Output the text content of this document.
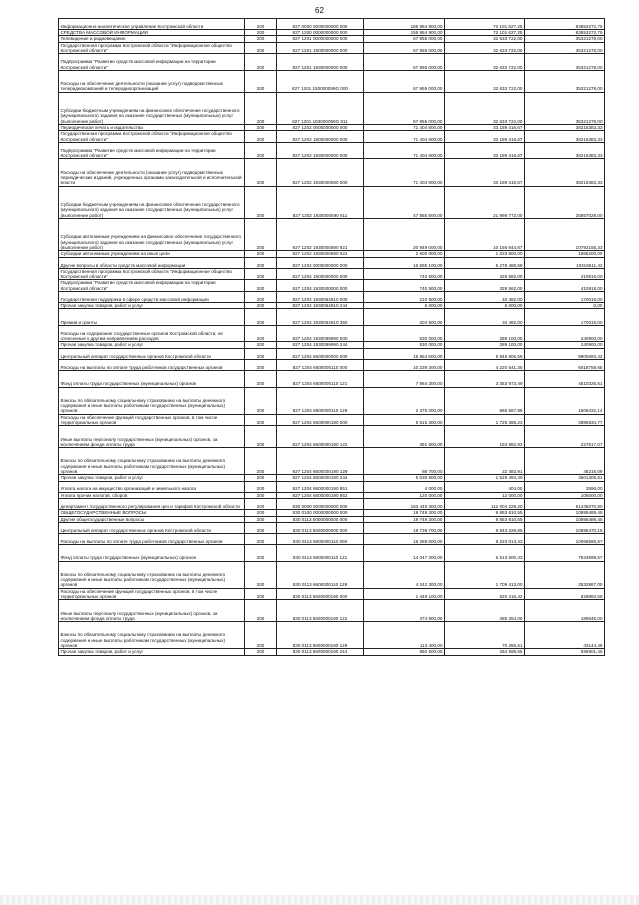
62
Информационно-аналитическое управление Костромской области	200	827 0000 0000000000 000	155 954 900,00	72 101 627,25	83853272,75
СРЕДСТВА МАССОВОЙ ИНФОРМАЦИИ	200	827 1200 0000000000 000	155 954 900,00	72 101 627,25	83853272,75
Телевидение и радиовещание	200	827 1201 0000000000 000	67 955 000,00	32 633 722,00	35321278,00
Государственная программа Костромской области "Информационное общество Костромской области"	200	827 1201 1900000000 000	67 955 000,00	32 633 722,00	35321278,00
Подпрограмма "Развитие средств массовой информации на территории Костромской области"	200	827 1201 1930000000 000	67 955 000,00	32 633 722,00	35321278,00
Расходы на обеспечение деятельности (оказание услуг) подведомственных телерадиокомпаний и телерадиоорганизаций	200	827 1201 193000059G 000	67 955 000,00	32 633 722,00	35321278,00
Субсидии бюджетным учреждениям на финансовое обеспечение государственного (муниципального) задания на оказание государственных (муниципальных) услуг (выполнение работ)	200	827 1201 193000059G 611	67 955 000,00	32 633 722,00	35321278,00
Периодическая печать и издательства	200	827 1202 0000000000 000	71 404 800,00	33 189 416,67	38215383,33
Государственная программа Костромской области "Информационное общество Костромской области"	200	827 1202 1900000000 000	71 404 800,00	33 189 416,67	38215383,33
Подпрограмма "Развитие средств массовой информации на территории Костромской области"	200	827 1202 1930000000 000	71 404 800,00	33 189 416,67	38215383,33
Расходы на обеспечение деятельности (оказание услуг) подведомственных периодических изданий, учрежденных органами законодательной и исполнительной власти	200	827 1202 1930000590 000	71 404 800,00	33 189 416,67	38215383,33
Субсидии бюджетным учреждениям на финансовое обеспечение государственного (муниципального) задания на оказание государственных (муниципальных) услуг (выполнение работ)	200	827 1202 1930000590 611	47 855 800,00	21 998 772,00	25857028,00
Субсидии автономным учреждениям на финансовое обеспечение государственного (муниципального) задания на оказание государственных (муниципальных) услуг (выполнение работ)	200	827 1202 1930000590 621	20 949 000,00	10 156 844,67	10792155,33
Субсидии автономным учреждениям на иные цели	200	827 1202 1930000590 622	2 600 000,00	1 033 800,00	1566200,00
Другие вопросы в области средств массовой информации	200	827 1204 0000000000 000	16 595 100,00	6 278 488,58	10316611,42
Государственная программа Костромской области "Информационное общество Костромской области"	200	827 1204 1900000000 000	740 500,00	329 582,00	410918,00
Подпрограмма "Развитие средств массовой информации на территории Костромской области"	200	827 1204 1930000000 000	740 500,00	329 582,00	410918,00
Государственная поддержка в сфере средств массовой информации	200	827 1204 1930064910 000	210 500,00	40 482,00	170018,00
Прочая закупка товаров, работ и услуг	200	827 1204 1930064910 244	6 000,00	6 000,00	0,00
Премии и гранты	200	827 1204 1930064910 350	204 500,00	34 482,00	170018,00
Расходы на содержание государственных органов Костромской области, не отнесенные к другим направлениям расходов	200	827 1204 1930099990 000	530 000,00	289 100,00	240900,00
Прочая закупка товаров, работ и услуг	200	827 1204 1930099990 244	530 000,00	289 100,00	240900,00
Центральный аппарат государственных органов Костромской области	200	827 1204 6600000000 000	15 854 600,00	5 948 906,58	9905693,42
Расходы на выплаты по оплате труда работников государственных органов	200	827 1204 6600000110 000	10 239 300,00	4 220 541,35	6018758,65
Фонд оплаты труда государственных (муниципальных) органов	200	827 1204 6600000110 121	7 864 300,00	3 353 973,49	4510326,51
Взносы по обязательному социальному страхованию на выплаты денежного содержания и иные выплаты работникам государственных (муниципальных) органов	200	827 1204 6600000110 129	2 375 000,00	866 567,86	1508432,14
Расходы на обеспечение функций государственных органов, в том числе территориальных органов	200	827 1204 6600000190 000	5 615 300,00	1 728 365,23	3886934,77
Иные выплаты персоналу государственных (муниципальных) органов, за исключением фонда оплаты труда	200	827 1204 6600000190 122	391 600,00	163 982,93	227617,07
Взносы по обязательному социальному страхованию на выплаты денежного содержания и иные выплаты работникам государственных (муниципальных) органов	200	827 1204 6600000190 129	68 700,00	22 483,91	46216,09
Прочая закупка товаров, работ и услуг	200	827 1204 6600000190 244	5 030 800,00	1 529 494,39	3501305,61
Уплата налога на имущество организаций и земельного налога	200	827 1204 6600000190 851	4 000,00	404,00	3596,00
Уплата прочих налогов, сборов	200	827 1204 6600000190 852	120 000,00	12 000,00	108000,00
департамент государственного регулирования цен и тарифов Костромской области	200	830 0000 0000000000 000	163 449 300,00	112 004 229,20	51445070,80
ОБЩЕГОСУДАРСТВЕННЫЕ ВОПРОСЫ	200	830 0100 0000000000 000	19 749 300,00	8 853 810,55	10895489,45
Другие общегосударственные вопросы	200	830 0113 0000000000 000	19 749 300,00	8 853 810,55	10895489,45
Центральный аппарат государственных органов Костромской области	200	830 0113 6600000000 000	19 738 700,00	8 843 229,85	10895470,15
Расходы на выплаты по оплате труда работников государственных органов	200	830 0113 6600000110 000	18 289 600,00	8 223 013,43	10066586,57
Фонд оплаты труда государственных (муниципальных) органов	200	830 0113 6600000110 121	14 047 300,00	6 513 600,43	7533699,57
Взносы по обязательному социальному страхованию на выплаты денежного содержания и иные выплаты работникам государственных (муниципальных) органов	200	830 0113 6600000110 129	4 242 300,00	1 709 413,00	2532887,00
Расходы на обеспечение функций государственных органов, в том числе территориальных органов	200	830 0113 6600000190 000	1 449 100,00	620 216,42	828883,58
Иные выплаты персоналу государственных (муниципальных) органов, за исключением фонда оплаты труда	200	830 0113 6600000190 122	474 900,00	285 354,00	189546,00
Взносы по обязательному социальному страхованию на выплаты денежного содержания и иные выплаты работникам государственных (муниципальных) органов	200	830 0113 6600000190 129	113 400,00	70 255,51	43144,49
Прочая закупка товаров, работ и услуг	200	830 0113 6600000190 244	860 500,00	264 598,55	595901,45
